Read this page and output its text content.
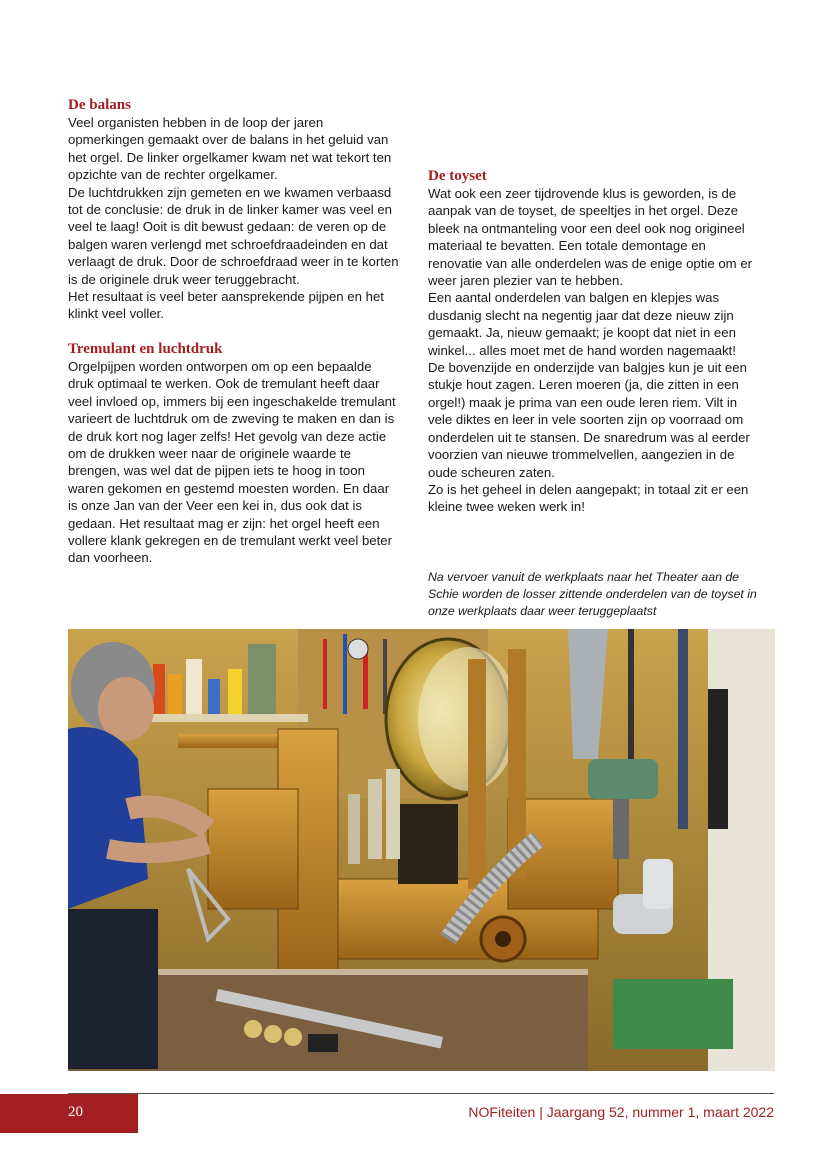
De balans

Veel organisten hebben in de loop der jaren opmerkingen gemaakt over de balans in het geluid van het orgel. De linker orgelkamer kwam net wat tekort ten opzichte van de rechter orgelkamer.

De luchtdrukken zijn gemeten en we kwamen verbaasd tot de conclusie: de druk in de linker kamer was veel en veel te laag! Ooit is dit bewust gedaan: de veren op de balgen waren verlengd met schroefdraadeinden en dat verlaagt de druk. Door de schroefdraad weer in te korten is de originele druk weer teruggebracht.

Het resultaat is veel beter aansprekende pijpen en het klinkt veel voller.

Tremulant en luchtdruk

Orgelpijpen worden ontworpen om op een bepaalde druk optimaal te werken. Ook de tremulant heeft daar veel invloed op, immers bij een ingeschakelde tremulant varieert de luchtdruk om de zweving te maken en dan is de druk kort nog lager zelfs! Het gevolg van deze actie om de drukken weer naar de originele waarde te brengen, was wel dat de pijpen iets te hoog in toon waren gekomen en gestemd moesten worden. En daar is onze Jan van der Veer een kei in, dus ook dat is gedaan. Het resultaat mag er zijn: het orgel heeft een vollere klank gekregen en de tremulant werkt veel beter dan voorheen.

De toyset

Wat ook een zeer tijdrovende klus is geworden, is de aanpak van de toyset, de speeltjes in het orgel. Deze bleek na ontmanteling voor een deel ook nog origineel materiaal te bevatten. Een totale demontage en renovatie van alle onderdelen was de enige optie om er weer jaren plezier van te hebben.

Een aantal onderdelen van balgen en klepjes was dusdanig slecht na negentig jaar dat deze nieuw zijn gemaakt. Ja, nieuw gemaakt; je koopt dat niet in een winkel... alles moet met de hand worden nagemaakt!

De bovenzijde en onderzijde van balgjes kun je uit een stukje hout zagen. Leren moeren (ja, die zitten in een orgel!) maak je prima van een oude leren riem. Vilt in vele diktes en leer in vele soorten zijn op voorraad om onderdelen uit te stansen. De snaredrum was al eerder voorzien van nieuwe trommelvellen, aangezien in de oude scheuren zaten.

Zo is het geheel in delen aangepakt; in totaal zit er een kleine twee weken werk in!

Na vervoer vanuit de werkplaats naar het Theater aan de Schie worden de losser zittende onderdelen van de toyset in onze werkplaats daar weer teruggeplaatst
20	NOFiteiten | Jaargang 52, nummer 1, maart 2022
